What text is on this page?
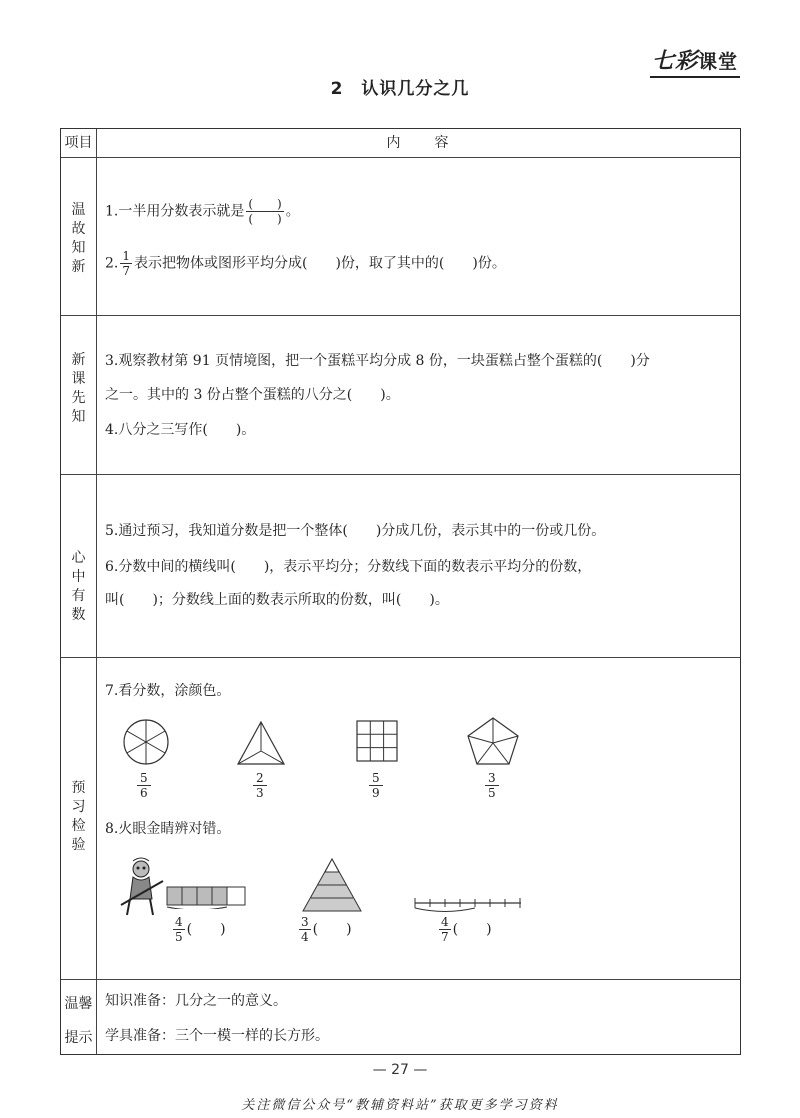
七彩课堂
2　认识几分之几
项目	内　　容
温
故
知
新
1.一半用分数表示就是 $\frac{( )}{( )}$ 。
2. $\frac{1}{7}$ 表示把物体或图形平均分成(　　)份，取了其中的(　　)份。
新
课
先
知
3.观察教材第 91 页情境图，把一个蛋糕平均分成 8 份，一块蛋糕占整个蛋糕的(　　)分
之一。其中的 3 份占整个蛋糕的八分之(　　)。
4.八分之三写作(　　)。
心
中
有
数
5.通过预习，我知道分数是把一个整体(　　)分成几份，表示其中的一份或几份。
6.分数中间的横线叫(　　)，表示平均分；分数线下面的数表示平均分的份数，
叫(　　)；分数线上面的数表示所取的份数，叫(　　)。
预
习
检
验
7.看分数，涂颜色。
5
6
2
3
5
9
3
5
8.火眼金睛辨对错。
$\frac{4}{5}$ (　　)	$\frac{3}{4}$ (　　)	$\frac{4}{7}$ (　　)
温馨
提示
知识准备：几分之一的意义。
学具准备：三个一模一样的长方形。
— 27 —
关注微信公众号“教辅资料站”获取更多学习资料
